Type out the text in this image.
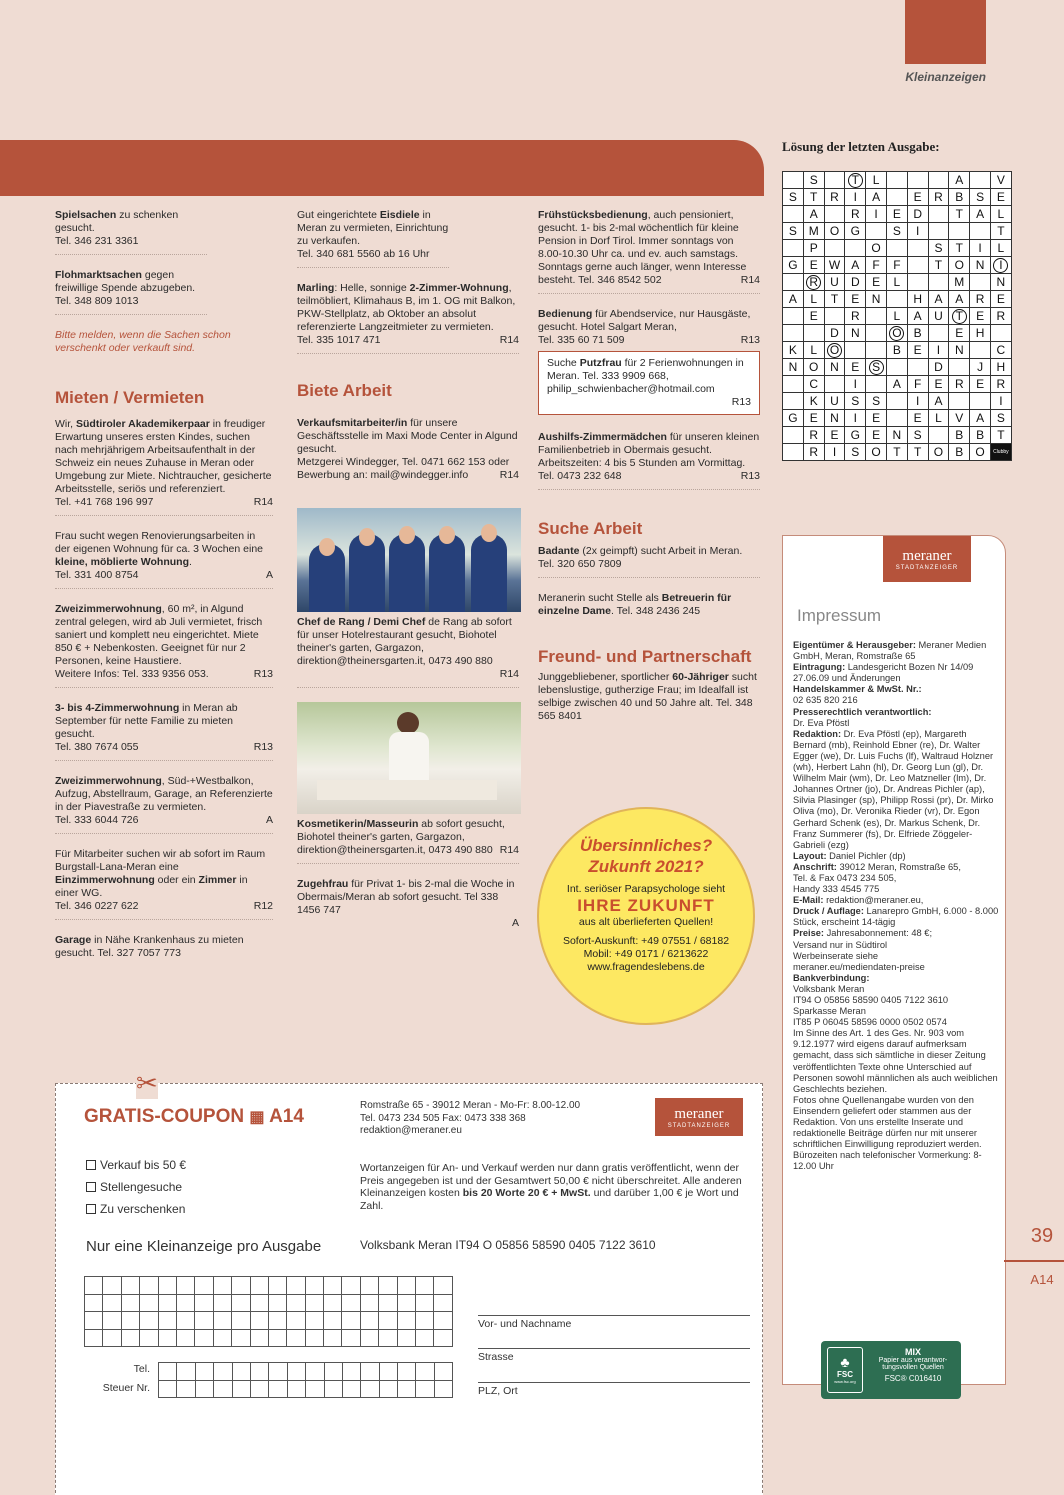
Kleinanzeigen
Spielsachen zu schenken gesucht.
Tel. 346 231 3361
Flohmarktsachen gegen freiwillige Spende abzugeben. Tel. 348 809 1013
Bitte melden, wenn die Sachen schon verschenkt oder verkauft sind.
Mieten / Vermieten
Wir, Südtiroler Akademikerpaar in freudiger Erwartung unseres ersten Kindes, suchen nach mehrjährigem Arbeitsaufenthalt in der Schweiz ein neues Zuhause in Meran oder Umgebung zur Miete. Nichtraucher, gesicherte Arbeitsstelle, seriös und referenziert.
Tel. +41 768 196 997	R14
Frau sucht wegen Renovierungsarbeiten in der eigenen Wohnung für ca. 3 Wochen eine kleine, möblierte Wohnung.
Tel. 331 400 8754	A
Zweizimmerwohnung, 60 m², in Algund zentral gelegen, wird ab Juli vermietet, frisch saniert und komplett neu eingerichtet. Miete 850 € + Nebenkosten. Geeignet für nur 2 Personen, keine Haustiere.
Weitere Infos: Tel. 333 9356 053.	R13
3- bis 4-Zimmerwohnung in Meran ab September für nette Familie zu mieten gesucht.
Tel. 380 7674 055	R13
Zweizimmerwohnung, Süd-+Westbalkon, Aufzug, Abstellraum, Garage, an Referenzierte in der Piavestraße zu vermieten.
Tel. 333 6044 726	A
Für Mitarbeiter suchen wir ab sofort im Raum Burgstall-Lana-Meran eine Einzimmerwohnung oder ein Zimmer in einer WG.
Tel. 346 0227 622	R12
Garage in Nähe Krankenhaus zu mieten gesucht. Tel. 327 7057 773
Gut eingerichtete Eisdiele in Meran zu vermieten, Einrichtung zu verkaufen.
Tel. 340 681 5560 ab 16 Uhr
Marling: Helle, sonnige 2-Zimmer-Wohnung, teilmöbliert, Klimahaus B, im 1. OG mit Balkon, PKW-Stellplatz, ab Oktober an absolut referenzierte Langzeitmieter zu vermieten.
Tel. 335 1017 471	R14
Biete Arbeit
Verkaufsmitarbeiter/in für unsere Geschäftsstelle im Maxi Mode Center in Algund gesucht.
Metzgerei Windegger, Tel. 0471 662 153 oder
Bewerbung an: mail@windegger.info	R14
Chef de Rang / Demi Chef de Rang ab sofort für unser Hotelrestaurant gesucht, Biohotel theiner's garten, Gargazon, direktion@theinersgarten.it, 0473 490 880
R14
Kosmetikerin/Masseurin ab sofort gesucht, Biohotel theiner's garten, Gargazon, direktion@theinersgarten.it, 0473 490 880 R14
Zugehfrau für Privat 1- bis 2-mal die Woche in Obermais/Meran ab sofort gesucht. Tel 338 1456 747
A
Frühstücksbedienung, auch pensioniert, gesucht. 1- bis 2-mal wöchentlich für kleine Pension in Dorf Tirol. Immer sonntags von 8.00-10.30 Uhr ca. und ev. auch samstags. Sonntags gerne auch länger, wenn Interesse besteht. Tel. 346 8542 502	R14
Bedienung für Abendservice, nur Hausgäste, gesucht. Hotel Salgart Meran,
Tel. 335 60 71 509	R13
Suche Putzfrau für 2 Ferienwohnungen in Meran. Tel. 333 9909 668,
philip_schwienbacher@hotmail.com
R13
Aushilfs-Zimmermädchen für unseren kleinen Familienbetrieb in Obermais gesucht. Arbeitszeiten: 4 bis 5 Stunden am Vormittag.
Tel. 0473 232 648	R13
Suche Arbeit
Badante (2x geimpft) sucht Arbeit in Meran.
Tel. 320 650 7809
Meranerin sucht Stelle als Betreuerin für einzelne Dame. Tel. 348 2436 245
Freund- und Partnerschaft
Junggebliebener, sportlicher 60-Jähriger sucht lebenslustige, gutherzige Frau; im Idealfall ist selbige zwischen 40 und 50 Jahre alt. Tel. 348 565 8401
Übersinnliches?
Zukunft 2021?
Int. seriöser Parapsychologe sieht
IHRE ZUKUNFT
aus alt überlieferten Quellen!
Sofort-Auskunft: +49 07551 / 68182
Mobil: +49 0171 / 6213622
www.fragendeslebens.de
Lösung der letzten Ausgabe:
	S		T	L				A		V
S	T	R	I	A		E	R	B	S	E
	A		R	I	E	D		T	A	L
S	M	O	G		S	I				T
	P			O			S	T	I	L
G	E	W	A	F	F		T	O	N	I
	R	U	D	E	L			M		N
A	L	T	E	N		H	A	A	R	E
	E		R		L	A	U	T	E	R
		D	N		O	B		E	H	
K	L	O			B	E	I	N		C
N	O	N	E	S			D		J	H
	C		I		A	F	E	R	E	R
	K	U	S	S		I	A			I
G	E	N	I	E		E	L	V	A	S
	R	E	G	E	N	S		B	B	T
	R	I	S	O	T	T	O	B	O	Clubby
meraner
STADTANZEIGER
Impressum
Eigentümer & Herausgeber: Meraner Medien GmbH, Meran, Romstraße 65
Eintragung: Landesgericht Bozen Nr 14/09 27.06.09 und Änderungen
Handelskammer & MwSt. Nr.:
02 635 820 216
Presserechtlich verantwortlich:
Dr. Eva Pföstl
Redaktion: Dr. Eva Pföstl (ep), Margareth Bernard (mb), Reinhold Ebner (re), Dr. Walter Egger (we), Dr. Luis Fuchs (lf), Waltraud Holzner (wh), Herbert Lahn (hl), Dr. Georg Lun (gl), Dr. Wilhelm Mair (wm), Dr. Leo Matzneller (lm), Dr. Johannes Ortner (jo), Dr. Andreas Pichler (ap), Silvia Plasinger (sp), Philipp Rossi (pr), Dr. Mirko Oliva (mo), Dr. Veronika Rieder (vr), Dr. Egon Gerhard Schenk (es), Dr. Markus Schenk, Dr. Franz Summerer (fs), Dr. Elfriede Zöggeler-Gabrieli (ezg)
Layout: Daniel Pichler (dp)
Anschrift: 39012 Meran, Romstraße 65,
Tel. & Fax 0473 234 505,
Handy 333 4545 775
E-Mail: redaktion@meraner.eu,
Druck / Auflage: Lanarepro GmbH, 6.000 - 8.000 Stück, erscheint 14-tägig
Preise: Jahresabonnement: 48 €;
Versand nur in Südtirol
Werbeinserate siehe
meraner.eu/mediendaten-preise
Bankverbindung:
Volksbank Meran
IT94 O 05856 58590 0405 7122 3610
Sparkasse Meran
IT85 P 06045 58596 0000 0502 0574
Im Sinne des Art. 1 des Ges. Nr. 903 vom 9.12.1977 wird eigens darauf aufmerksam gemacht, dass sich sämtliche in dieser Zeitung veröffentlichten Texte ohne Unterschied auf Personen sowohl männlichen als auch weiblichen Geschlechts beziehen.
Fotos ohne Quellenangabe wurden von den Einsendern geliefert oder stammen aus der Redaktion. Von uns erstellte Inserate und redaktionelle Beiträge dürfen nur mit unserer schriftlichen Einwilligung reproduziert werden.
Bürozeiten nach telefonischer Vormerkung: 8-12.00 Uhr
♣
FSC
www.fsc.org
MIX
Papier aus verantwor-
tungsvollen Quellen
FSC® C016410
39
A14
✂
GRATIS-COUPON ▦ A14
Verkauf bis 50 €
Stellengesuche
Zu verschenken
Nur eine Kleinanzeige pro Ausgabe
Romstraße 65 - 39012 Meran - Mo-Fr: 8.00-12.00
Tel. 0473 234 505 Fax: 0473 338 368
redaktion@meraner.eu
meraner
STADTANZEIGER
Wortanzeigen für An- und Verkauf werden nur dann gratis veröffentlicht, wenn der Preis angegeben ist und der Gesamtwert 50,00 € nicht überschreitet. Alle anderen Kleinanzeigen kosten bis 20 Worte 20 € + MwSt. und darüber 1,00 € je Wort und Zahl.
Volksbank Meran IT94 O 05856 58590 0405 7122 3610

Tel.
Steuer Nr.

Vor- und Nachname
Strasse
PLZ, Ort
